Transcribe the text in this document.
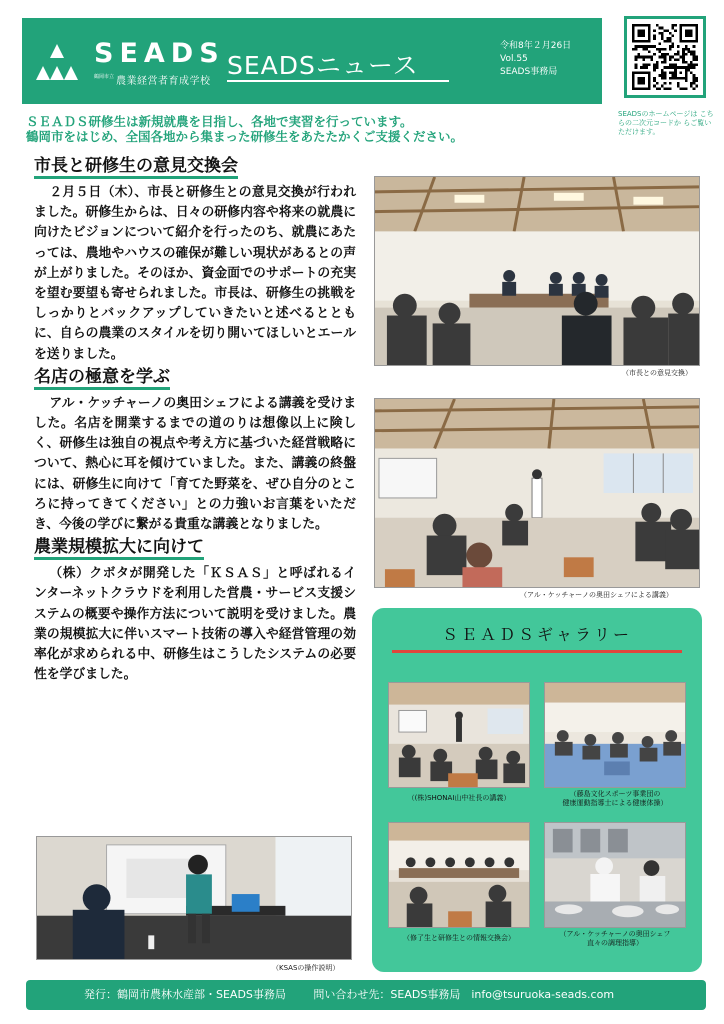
SEADS
鶴岡市立 農業経営者育成学校
SEADSニュース
令和8年２月26日
Vol.55
SEADS事務局
SEADSのホームページは こちらの二次元コードか らご覧いただけます。
ＳＥＡＤＳ研修生は新規就農を目指し、各地で実習を行っています。
鶴岡市をはじめ、全国各地から集まった研修生をあたたかくご支援ください。
市長と研修生の意見交換会

２月５日（木）、市長と研修生との意見交換が行われました。研修生からは、日々の研修内容や将来の就農に向けたビジョンについて紹介を行ったのち、就農にあたっては、農地やハウスの確保が難しい現状があるとの声が上がりました。そのほか、資金面でのサポートの充実を望む要望も寄せられました。市長は、研修生の挑戦をしっかりとバックアップしていきたいと述べるとともに、自らの農業のスタイルを切り開いてほしいとエールを送りました。

名店の極意を学ぶ

アル・ケッチャーノの奥田シェフによる講義を受けました。名店を開業するまでの道のりは想像以上に険しく、研修生は独自の視点や考え方に基づいた経営戦略について、熱心に耳を傾けていました。また、講義の終盤には、研修生に向けて「育てた野菜を、ぜひ自分のところに持ってきてください」との力強いお言葉をいただき、今後の学びに繋がる貴重な講義となりました。

農業規模拡大に向けて

（株）クボタが開発した「ＫＳＡＳ」と呼ばれるインターネットクラウドを利用した営農・サービス支援システムの概要や操作方法について説明を受けました。農業の規模拡大に伴いスマート技術の導入や経営管理の効率化が求められる中、研修生はこうしたシステムの必要性を学びました。

（市長との意見交換）
（アル・ケッチャーノの奥田シェフによる講義）
（KSASの操作説明）
ＳＥＡＤＳギャラリー
（(株)SHONAI山中社長の講義）	（藤島文化スポーツ事業団の
健康運動指導士による健康体操）
（修了生と研修生との情報交換会）	（アル・ケッチャーノの奥田シェフ
直々の調理指導）
発行：鶴岡市農林水産部・SEADS事務局	問い合わせ先：SEADS事務局　info@tsuruoka-seads.com
